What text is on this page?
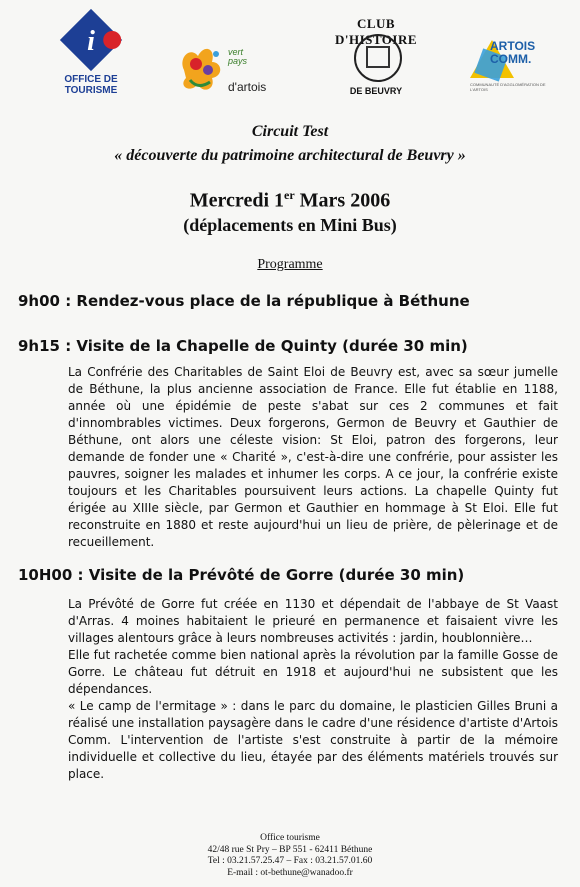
i
OFFICE DE
TOURISME
vert
pays
d'artois
CLUB D'HISTOIRE
DE BEUVRY
ARTOIS
COMM.
COMMUNAUTÉ D'AGGLOMÉRATION DE L'ARTOIS
Circuit Test
« découverte du patrimoine architectural de Beuvry »
Mercredi 1er Mars 2006
(déplacements en Mini Bus)
Programme
9h00 : Rendez-vous place de la république à Béthune
9h15 : Visite de la Chapelle de Quinty (durée 30 min)
La Confrérie des Charitables de Saint Eloi de Beuvry est, avec sa sœur jumelle de Béthune, la plus ancienne association de France. Elle fut établie en 1188, année où une épidémie de peste s'abat sur ces 2 communes et fait d'innombrables victimes. Deux forgerons, Germon de Beuvry et Gauthier de Béthune, ont alors une céleste vision: St Eloi, patron des forgerons, leur demande de fonder une « Charité », c'est-à-dire une confrérie, pour assister les pauvres, soigner les malades et inhumer les corps. A ce jour, la confrérie existe toujours et les Charitables poursuivent leurs actions. La chapelle Quinty fut érigée au XIIIe siècle, par Germon et Gauthier en hommage à St Eloi. Elle fut reconstruite en 1880 et reste aujourd'hui un lieu de prière, de pèlerinage et de recueillement.
10H00 : Visite de la Prévôté de Gorre (durée 30 min)
La Prévôté de Gorre fut créée en 1130 et dépendait de l'abbaye de St Vaast d'Arras. 4 moines habitaient le prieuré en permanence et faisaient vivre les villages alentours grâce à leurs nombreuses activités : jardin, houblonnière…
Elle fut rachetée comme bien national après la révolution par la famille Gosse de Gorre. Le château fut détruit en 1918 et aujourd'hui ne subsistent que les dépendances.
« Le camp de l'ermitage » : dans le parc du domaine, le plasticien Gilles Bruni a réalisé une installation paysagère dans le cadre d'une résidence d'artiste d'Artois Comm. L'intervention de l'artiste s'est construite à partir de la mémoire individuelle et collective du lieu, étayée par des éléments matériels trouvés sur place.
Office tourisme
42/48 rue St Pry – BP 551 - 62411 Béthune
Tel : 03.21.57.25.47 – Fax : 03.21.57.01.60
E-mail : ot-bethune@wanadoo.fr
